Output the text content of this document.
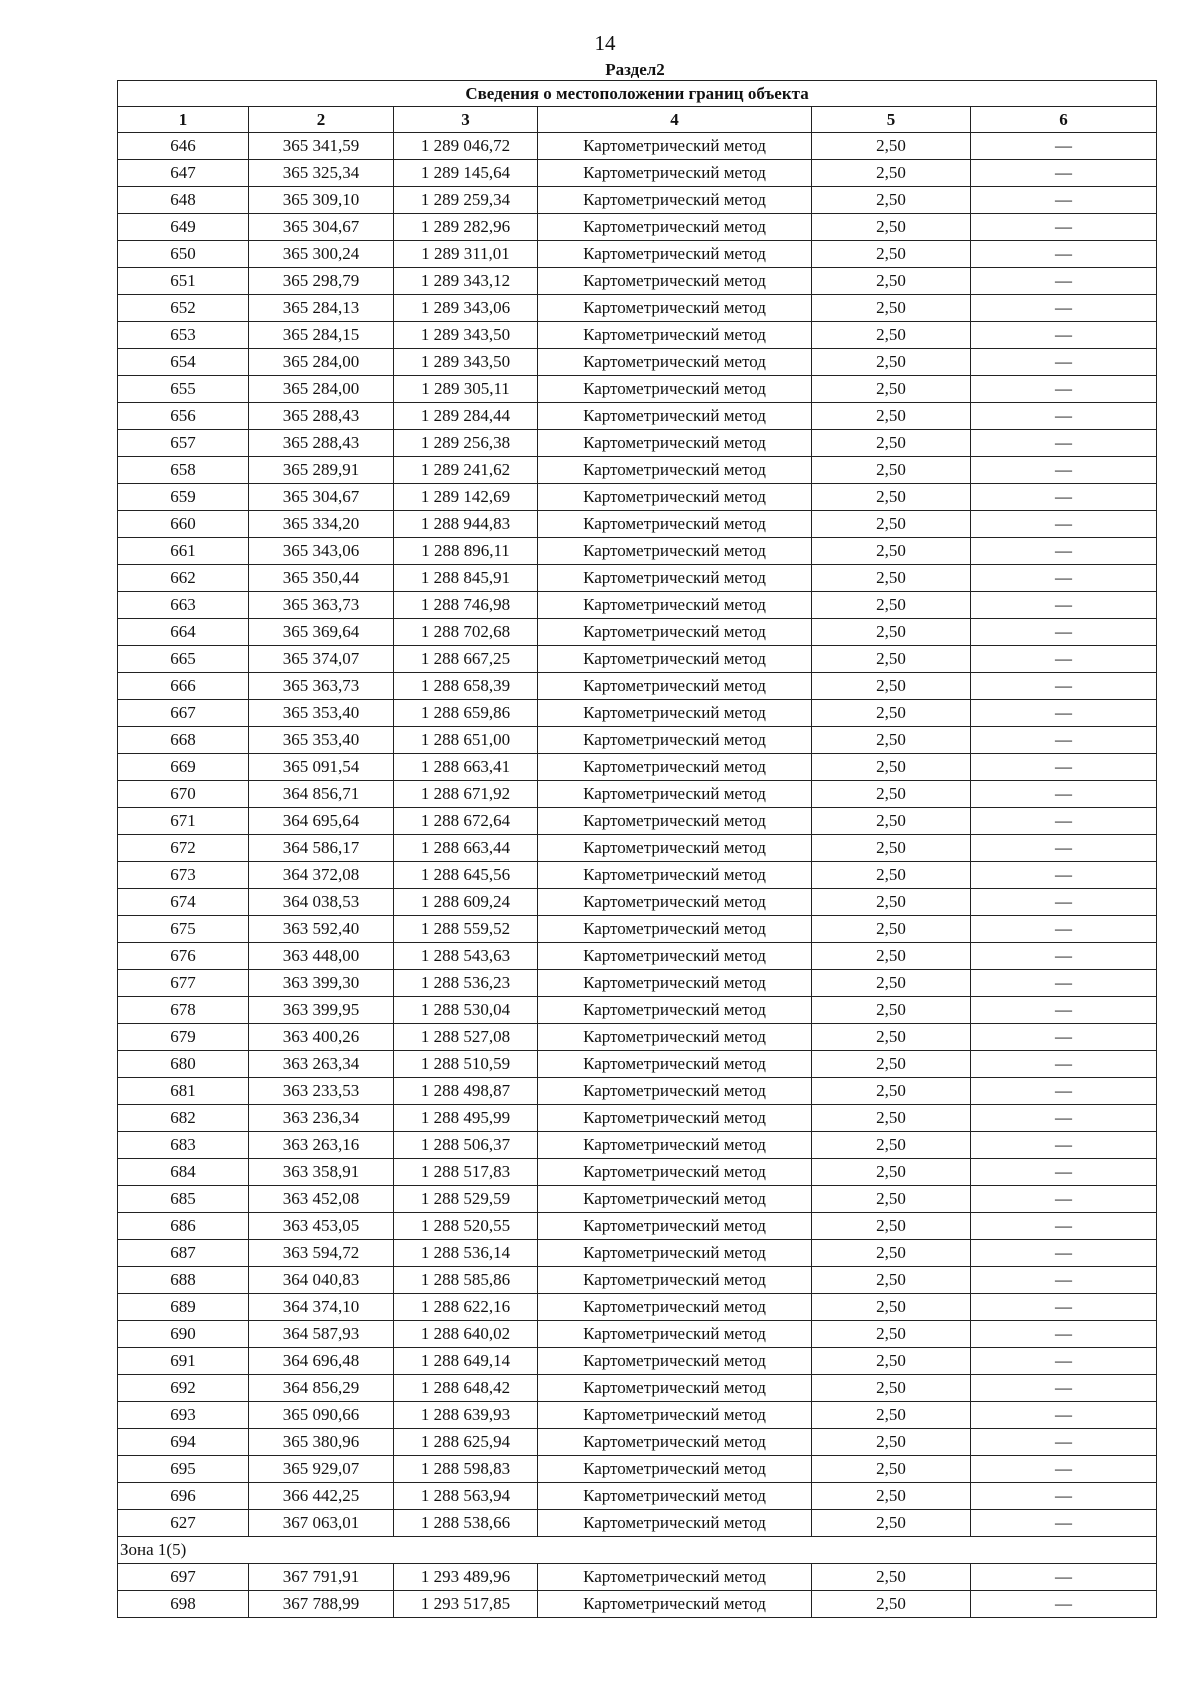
14
Раздел2
Сведения о местоположении границ объекта					
1	2	3	4	5	6
646	365 341,59	1 289 046,72	Картометрический метод	2,50	—
647	365 325,34	1 289 145,64	Картометрический метод	2,50	—
648	365 309,10	1 289 259,34	Картометрический метод	2,50	—
649	365 304,67	1 289 282,96	Картометрический метод	2,50	—
650	365 300,24	1 289 311,01	Картометрический метод	2,50	—
651	365 298,79	1 289 343,12	Картометрический метод	2,50	—
652	365 284,13	1 289 343,06	Картометрический метод	2,50	—
653	365 284,15	1 289 343,50	Картометрический метод	2,50	—
654	365 284,00	1 289 343,50	Картометрический метод	2,50	—
655	365 284,00	1 289 305,11	Картометрический метод	2,50	—
656	365 288,43	1 289 284,44	Картометрический метод	2,50	—
657	365 288,43	1 289 256,38	Картометрический метод	2,50	—
658	365 289,91	1 289 241,62	Картометрический метод	2,50	—
659	365 304,67	1 289 142,69	Картометрический метод	2,50	—
660	365 334,20	1 288 944,83	Картометрический метод	2,50	—
661	365 343,06	1 288 896,11	Картометрический метод	2,50	—
662	365 350,44	1 288 845,91	Картометрический метод	2,50	—
663	365 363,73	1 288 746,98	Картометрический метод	2,50	—
664	365 369,64	1 288 702,68	Картометрический метод	2,50	—
665	365 374,07	1 288 667,25	Картометрический метод	2,50	—
666	365 363,73	1 288 658,39	Картометрический метод	2,50	—
667	365 353,40	1 288 659,86	Картометрический метод	2,50	—
668	365 353,40	1 288 651,00	Картометрический метод	2,50	—
669	365 091,54	1 288 663,41	Картометрический метод	2,50	—
670	364 856,71	1 288 671,92	Картометрический метод	2,50	—
671	364 695,64	1 288 672,64	Картометрический метод	2,50	—
672	364 586,17	1 288 663,44	Картометрический метод	2,50	—
673	364 372,08	1 288 645,56	Картометрический метод	2,50	—
674	364 038,53	1 288 609,24	Картометрический метод	2,50	—
675	363 592,40	1 288 559,52	Картометрический метод	2,50	—
676	363 448,00	1 288 543,63	Картометрический метод	2,50	—
677	363 399,30	1 288 536,23	Картометрический метод	2,50	—
678	363 399,95	1 288 530,04	Картометрический метод	2,50	—
679	363 400,26	1 288 527,08	Картометрический метод	2,50	—
680	363 263,34	1 288 510,59	Картометрический метод	2,50	—
681	363 233,53	1 288 498,87	Картометрический метод	2,50	—
682	363 236,34	1 288 495,99	Картометрический метод	2,50	—
683	363 263,16	1 288 506,37	Картометрический метод	2,50	—
684	363 358,91	1 288 517,83	Картометрический метод	2,50	—
685	363 452,08	1 288 529,59	Картометрический метод	2,50	—
686	363 453,05	1 288 520,55	Картометрический метод	2,50	—
687	363 594,72	1 288 536,14	Картометрический метод	2,50	—
688	364 040,83	1 288 585,86	Картометрический метод	2,50	—
689	364 374,10	1 288 622,16	Картометрический метод	2,50	—
690	364 587,93	1 288 640,02	Картометрический метод	2,50	—
691	364 696,48	1 288 649,14	Картометрический метод	2,50	—
692	364 856,29	1 288 648,42	Картометрический метод	2,50	—
693	365 090,66	1 288 639,93	Картометрический метод	2,50	—
694	365 380,96	1 288 625,94	Картометрический метод	2,50	—
695	365 929,07	1 288 598,83	Картометрический метод	2,50	—
696	366 442,25	1 288 563,94	Картометрический метод	2,50	—
627	367 063,01	1 288 538,66	Картометрический метод	2,50	—
Зона 1(5)					
697	367 791,91	1 293 489,96	Картометрический метод	2,50	—
698	367 788,99	1 293 517,85	Картометрический метод	2,50	—
